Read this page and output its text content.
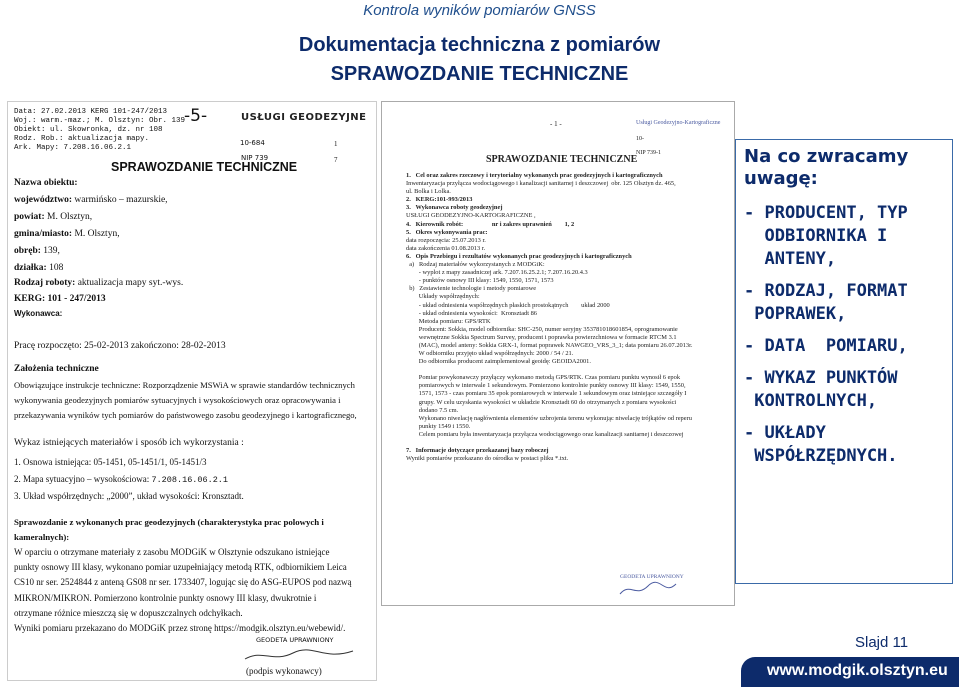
Kontrola wyników pomiarów GNSS
Dokumentacja techniczna z pomiarów
SPRAWOZDANIE TECHNICZNE
Data: 27.02.2013 KERG 101-247/2013
Woj.: warm.-maz.; M. Olsztyn: Obr. 139
Obiekt: ul. Skowronka, dz. nr 108
Rodz. Rob.: aktualizacja mapy.
Ark. Mapy: 7.208.16.06.2.1
-5-	USŁUGI GEODEZYJNE
10-684
NIP 739
1
7
SPRAWOZDANIE TECHNICZNE
Nazwa obiektu:
województwo: warmińsko – mazurskie,
powiat: M. Olsztyn,
gmina/miasto: M. Olsztyn,
obręb: 139,
działka: 108
Rodzaj roboty: aktualizacja mapy syt.-wys.
KERG: 101 - 247/2013
Wykonawca:
Pracę rozpoczęto: 25-02-2013 zakończono: 28-02-2013
Założenia techniczne
Obowiązujące instrukcje techniczne: Rozporządzenie MSWiA w sprawie standardów technicznych
wykonywania geodezyjnych pomiarów sytuacyjnych i wysokościowych oraz opracowywania i
przekazywania wyników tych pomiarów do państwowego zasobu geodezyjnego i kartograficznego,
Wykaz istniejących materiałów i sposób ich wykorzystania :
1. Osnowa istniejąca: 05-1451, 05-1451/1, 05-1451/3
2. Mapa sytuacyjno – wysokościowa: 7.208.16.06.2.1
3. Układ współrzędnych: „2000”, układ wysokości: Kronsztadt.
Sprawozdanie z wykonanych prac geodezyjnych (charakterystyka prac polowych i
kameralnych):
W oparciu o otrzymane materiały z zasobu MODGiK w Olsztynie odszukano istniejące
punkty osnowy III klasy, wykonano pomiar uzupełniający metodą RTK, odbiornikiem Leica
CS10 nr ser. 2524844 z anteną GS08 nr ser. 1733407, logując się do ASG-EUPOS pod nazwą
MIKRON/MIKRON. Pomierzono kontrolnie punkty osnowy III klasy, dwukrotnie i
otrzymane różnice mieszczą się w dopuszczalnych odchyłkach.
Wyniki pomiaru przekazano do MODGiK przez stronę https://modgik.olsztyn.eu/webewid/.
GEODETA UPRAWNIONY
(podpis wykonawcy)
- 1 -	Usługi Geodezyjno-Kartograficzne
10-
NIP 739-1
SPRAWOZDANIE TECHNICZNE
1.   Cel oraz zakres rzeczowy i terytorialny wykonanych prac geodezyjnych i kartograficznych
Inwentaryzacja przyłącza wodociągowego i kanalizacji sanitarnej i deszczowej  obr. 125 Olsztyn dz. 465,
ul. Bolka i Lolka.
2.   KERG:101-993/2013
3.   Wykonawca roboty geodezyjnej
USŁUGI GEODEZYJNO-KARTOGRAFICZNE ,
4.   Kierownik robót:                  nr i zakres uprawnień        1, 2
5.   Okres wykonywania prac:
data rozpoczęcia: 25.07.2013 r.
data zakończenia 01.08.2013 r.
6.   Opis Przebiegu i rezultatów wykonanych prac geodezyjnych i kartograficznych
a)   Rodzaj materiałów wykorzystanych z MODGiK:
- wyplot z mapy zasadniczej ark. 7.207.16.25.2.1; 7.207.16.20.4.3
- punktów osnowy III klasy: 1549, 1550, 1571, 1573
b)   Zestawienie technologie i metody pomiarowe
Układy współrzędnych:
- układ odniesienia współrzędnych płaskich prostokątnych        układ 2000
- układ odniesienia wysokości:  Kronsztadt 86
Metoda pomiaru: GPS/RTK
Producent: Sokkia, model odbiornika: SHC-250, numer seryjny 353781018601854, oprogramowanie
wewnętrzne Sokkia Spectrum Survey, producent i poprawka powierzchniowa w formacie RTCM 3.1
(MAC), model anteny: Sokkia GRX-1, format poprawek NAWGEO_VRS_3_1; data pomiaru 26.07.2013r.
W odbiorniku przyjęto układ współrzędnych: 2000 / 54 / 21.
Do odbiornika producent zaimplementował geoidę: GEOIDA2001.
Pomiar powykonawczy przyłączy wykonano metodą GPS/RTK. Czas pomiaru punktu wynosił 6 epok
pomiarowych w interwale 1 sekundowym. Pomierzono kontrolnie punkty osnowy III klasy: 1549, 1550,
1571, 1573 - czas pomiaru 35 epok pomiarowych w interwale 1 sekundowym oraz istniejące szczegóły I
grupy. W celu uzyskania wysokości w układzie Kronsztadt 60 do otrzymanych z pomiaru wysokości
dodano 7.5 cm.
Wykonano niwelację nagłównienia elementów uzbrojenia terenu wykonując niwelację trójkątów od reperu
punkty 1549 i 1550.
Celem pomiaru była inwentaryzacja przyłącza wodociągowego oraz kanalizacji sanitarnej i deszczowej
7.   Informacje dotyczące przekazanej bazy roboczej
Wyniki pomiarów przekazano do ośrodka w postaci pliku *.txt.
GEODETA UPRAWNIONY
Na co zwracamy
uwagę:
- PRODUCENT, TYP
ODBIORNIKA I
ANTENY,
- RODZAJ, FORMAT
POPRAWEK,
- DATA  POMIARU,
- WYKAZ PUNKTÓW
KONTROLNYCH,
- UKŁADY
WSPÓŁRZĘDNYCH.
Slajd 11
www.modgik.olsztyn.eu
